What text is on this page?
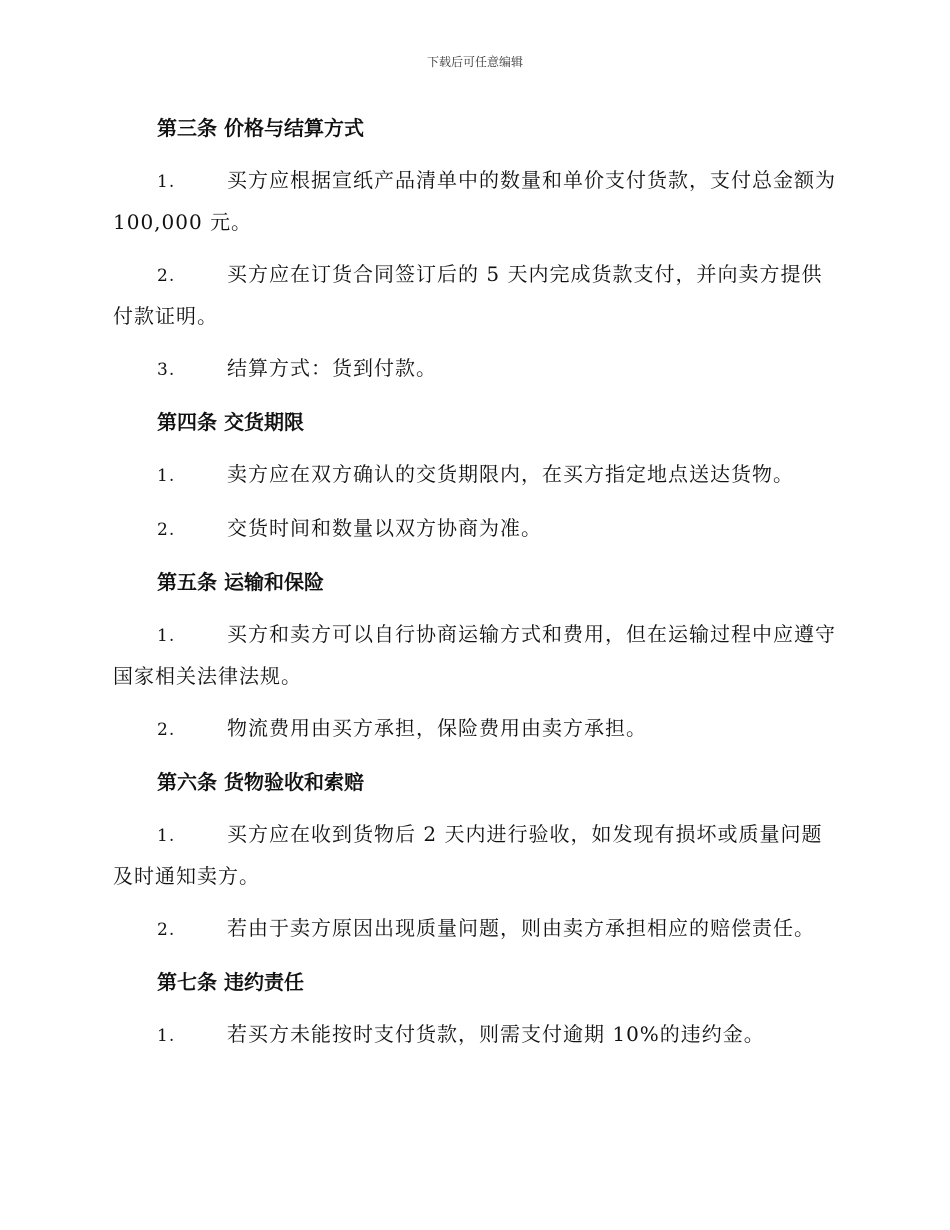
下载后可任意编辑
第三条 价格与结算方式

1.	买方应根据宣纸产品清单中的数量和单价支付货款，支付总金额为 100,000 元。

2.	买方应在订货合同签订后的 5 天内完成货款支付，并向卖方提供付款证明。

3.	结算方式：货到付款。

第四条 交货期限

1.	卖方应在双方确认的交货期限内，在买方指定地点送达货物。

2.	交货时间和数量以双方协商为准。

第五条 运输和保险

1.	买方和卖方可以自行协商运输方式和费用，但在运输过程中应遵守国家相关法律法规。

2.	物流费用由买方承担，保险费用由卖方承担。

第六条 货物验收和索赔

1.	买方应在收到货物后 2 天内进行验收，如发现有损坏或质量问题及时通知卖方。

2.	若由于卖方原因出现质量问题，则由卖方承担相应的赔偿责任。

第七条 违约责任

1.	若买方未能按时支付货款，则需支付逾期 10%的违约金。
